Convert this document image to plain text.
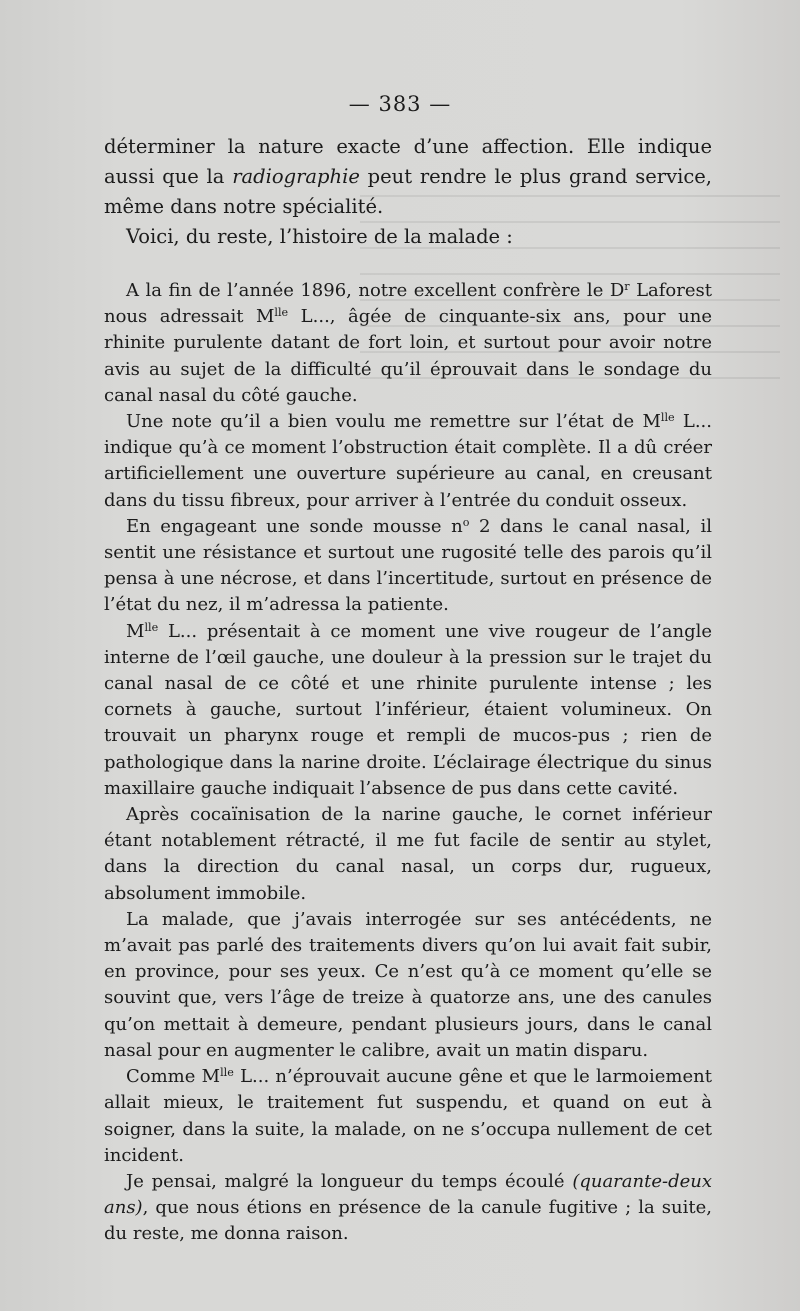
— 383 —

déterminer la nature exacte d’une affection. Elle indique aussi que la radiographie peut rendre le plus grand service, même dans notre spécialité.

Voici, du reste, l’histoire de la malade :

A la fin de l’année 1896, notre excellent confrère le $D^r$ Laforest nous adressait $M^{lle}$ L..., âgée de cinquante-six ans, pour une rhinite purulente datant de fort loin, et surtout pour avoir notre avis au sujet de la difficulté qu’il éprouvait dans le sondage du canal nasal du côté gauche.

Une note qu’il a bien voulu me remettre sur l’état de $M^{lle}$ L... indique qu’à ce moment l’obstruction était complète. Il a dû créer artificiellement une ouverture supérieure au canal, en creusant dans du tissu fibreux, pour arriver à l’entrée du conduit osseux.

En engageant une sonde mousse $n^o$ 2 dans le canal nasal, il sentit une résistance et surtout une rugosité telle des parois qu’il pensa à une nécrose, et dans l’incertitude, surtout en présence de l’état du nez, il m’adressa la patiente.

$M^{lle}$ L... présentait à ce moment une vive rougeur de l’angle interne de l’œil gauche, une douleur à la pression sur le trajet du canal nasal de ce côté et une rhinite purulente intense ; les cornets à gauche, surtout l’inférieur, étaient volumineux. On trouvait un pharynx rouge et rempli de mucos-pus ; rien de pathologique dans la narine droite. L’éclairage électrique du sinus maxillaire gauche indiquait l’absence de pus dans cette cavité.

Après cocaïnisation de la narine gauche, le cornet inférieur étant notablement rétracté, il me fut facile de sentir au stylet, dans la direction du canal nasal, un corps dur, rugueux, absolument immobile.

La malade, que j’avais interrogée sur ses antécédents, ne m’avait pas parlé des traitements divers qu’on lui avait fait subir, en province, pour ses yeux. Ce n’est qu’à ce moment qu’elle se souvint que, vers l’âge de treize à quatorze ans, une des canules qu’on mettait à demeure, pendant plusieurs jours, dans le canal nasal pour en augmenter le calibre, avait un matin disparu.

Comme $M^{lle}$ L... n’éprouvait aucune gêne et que le larmoiement allait mieux, le traitement fut suspendu, et quand on eut à soigner, dans la suite, la malade, on ne s’occupa nullement de cet incident.

Je pensai, malgré la longueur du temps écoulé (quarante-deux ans), que nous étions en présence de la canule fugitive ; la suite, du reste, me donna raison.
